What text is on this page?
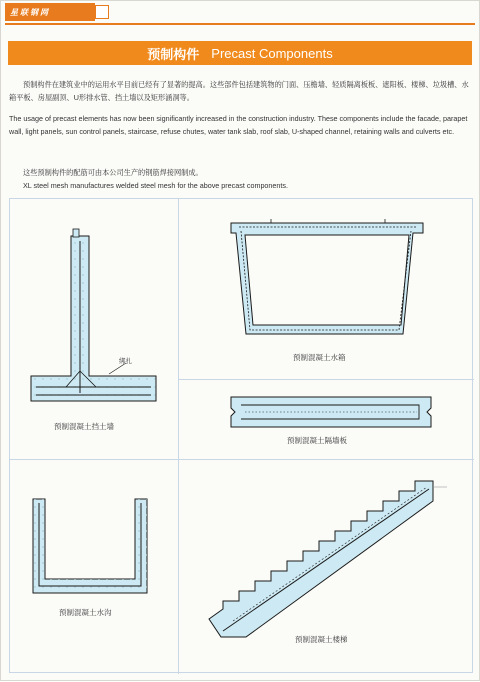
星联钢网
预制构件 Precast Components

预制构件在建筑业中的运用水平目前已经有了显著的提高。这些部件包括建筑物的门面、压檐墙、轻质隔离板板、遮阳板、楼梯、垃圾槽、水箱平板、房屋副顶、U形排水管、挡土墙以及矩形涵洞等。

The usage of precast elements has now been significantly increased in the construction industry. These components include the facade, parapet wall, light panels, sun control panels, staircase, refuse chutes, water tank slab, roof slab, U-shaped channel, retaining walls and culverts etc.

这些预制构件的配筋可由本公司生产的钢筋焊接网制成。

XL steel mesh manufactures welded steel mesh for the above precast components.

绑扎
预制混凝土挡土墙
预制混凝土水箱
预制混凝土隔墙板
预制混凝土水沟
预制混凝土楼梯
